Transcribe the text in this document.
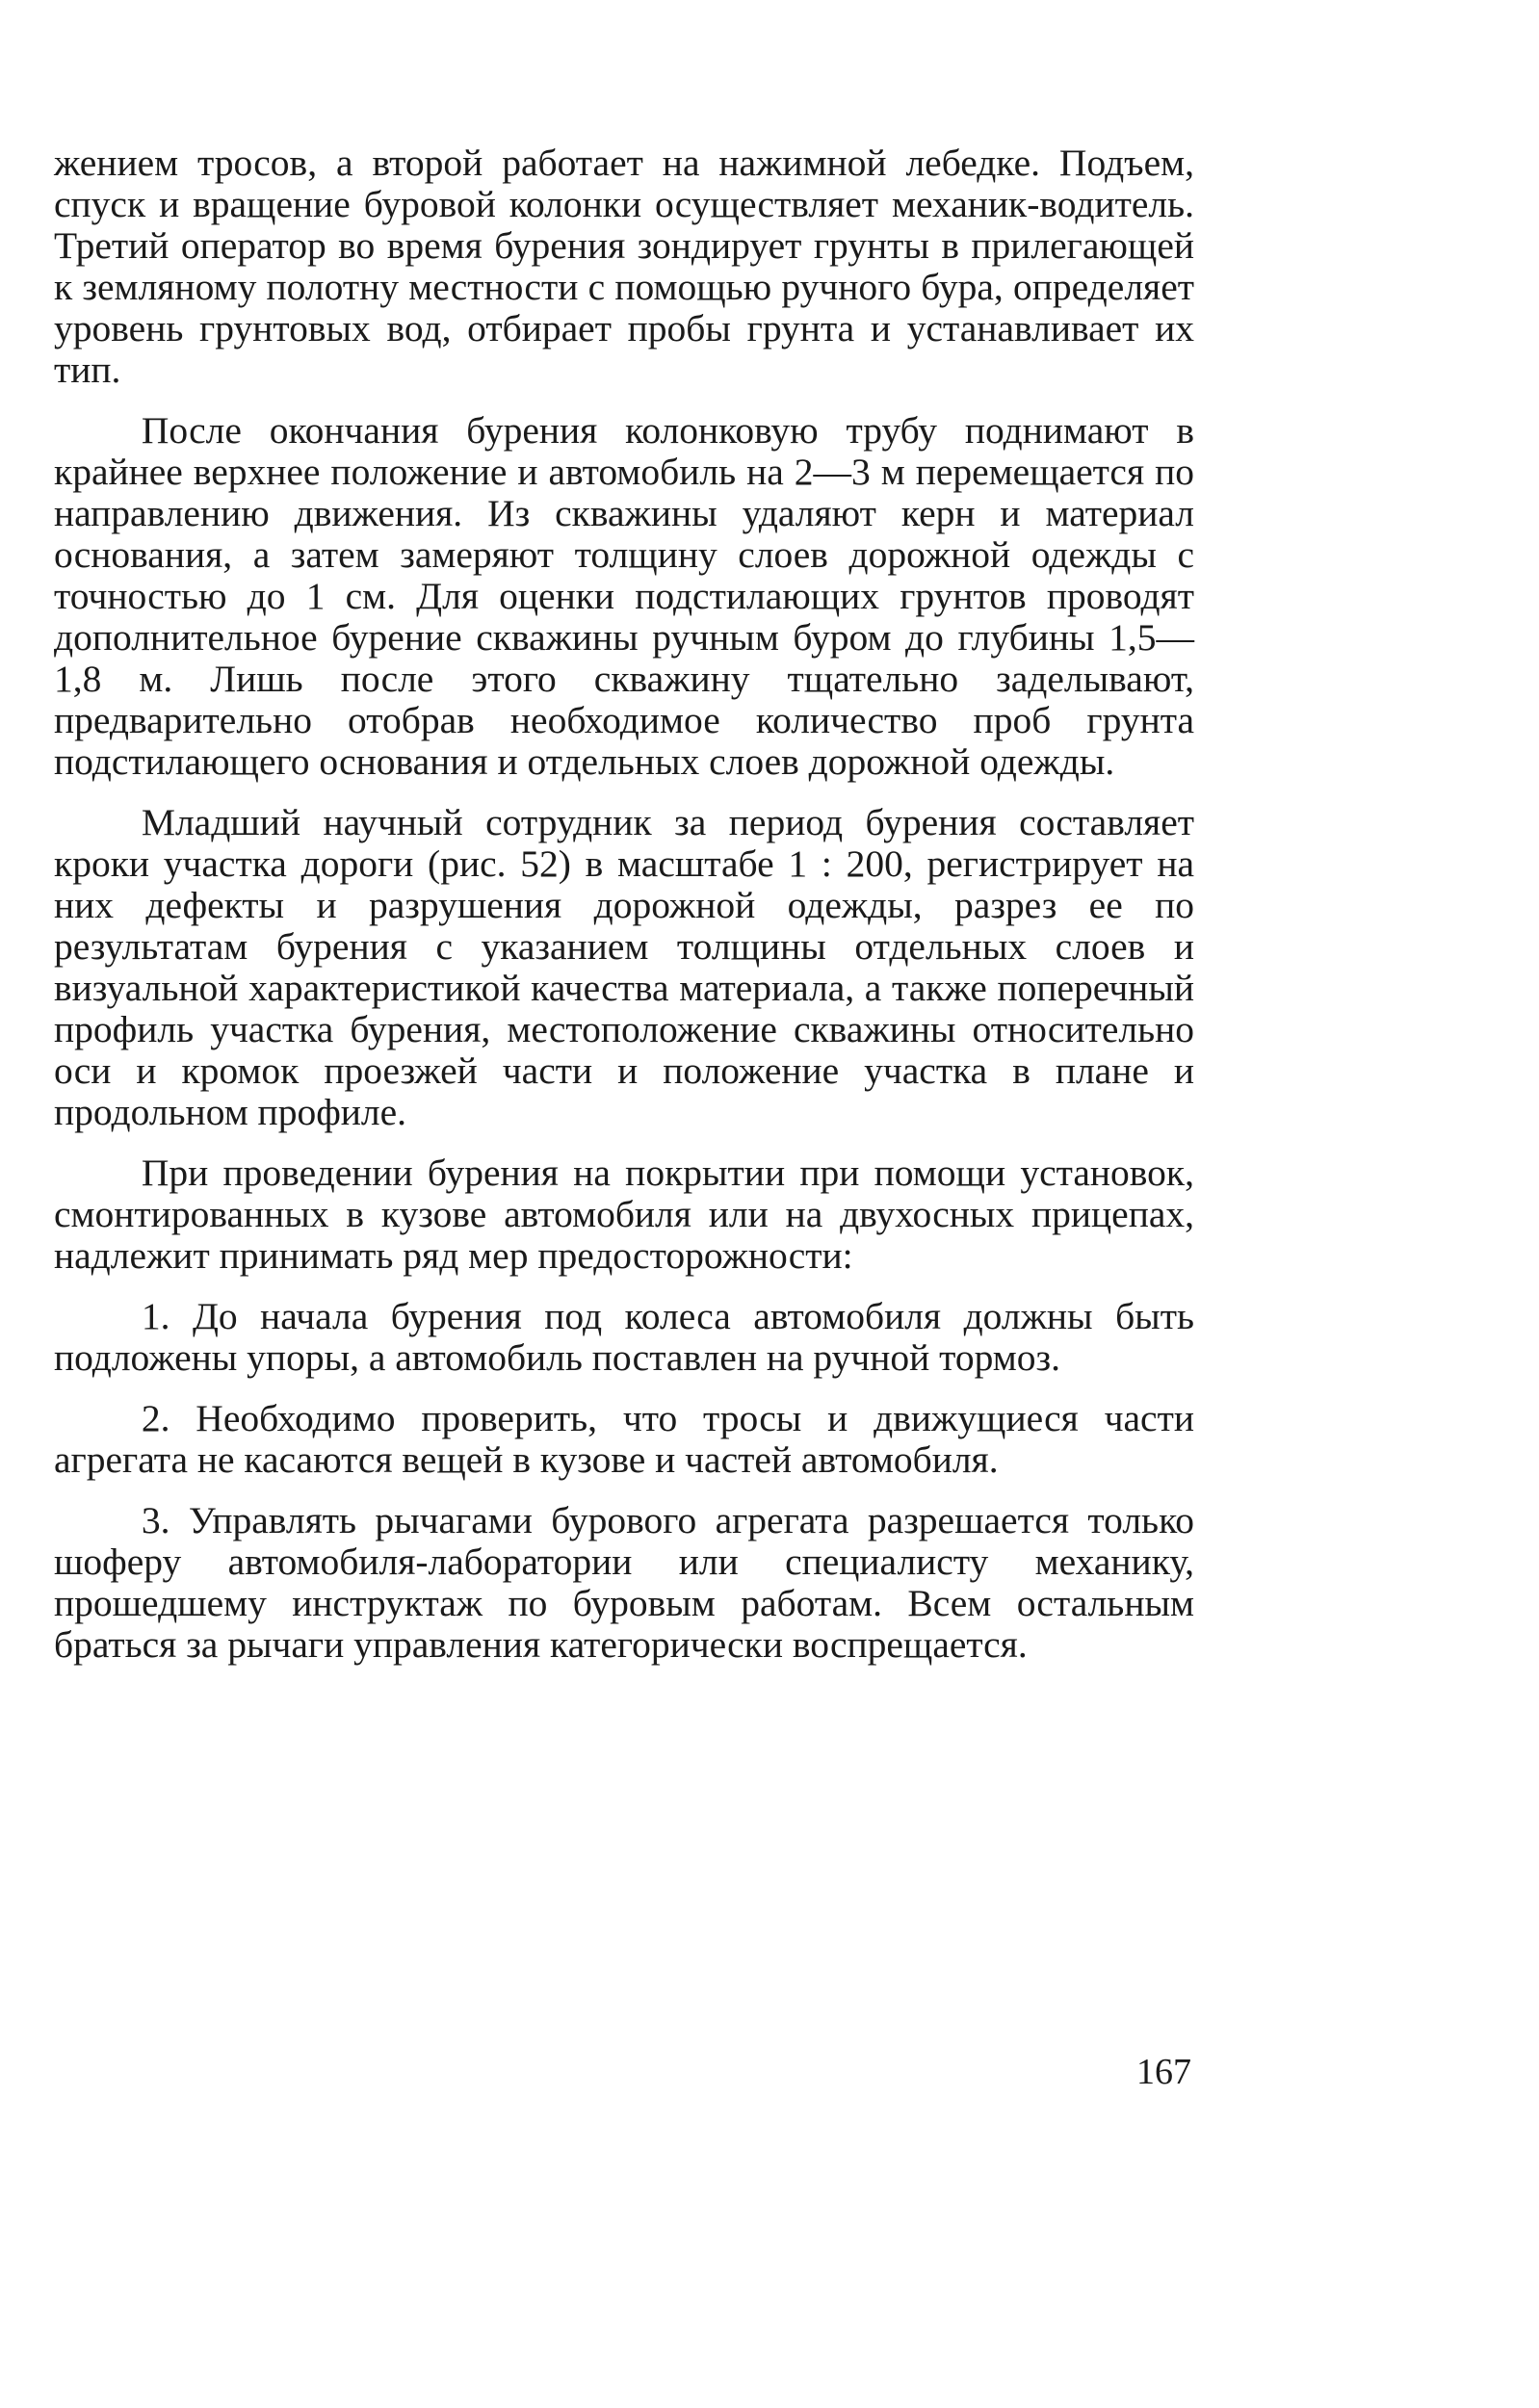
жением тросов, а второй работает на нажимной лебедке. Подъем, спуск и вращение буровой колонки осуществляет механик-водитель. Третий оператор во время бурения зондирует грунты в прилегающей к земляному полотну местности с помощью ручного бура, определяет уровень грунтовых вод, отбирает пробы грунта и устанавливает их тип.

После окончания бурения колонковую трубу поднимают в крайнее верхнее положение и автомобиль на 2—3 м перемещается по направлению движения. Из скважины удаляют керн и материал основания, а затем замеряют толщину слоев дорожной одежды с точностью до 1 см. Для оценки подстилающих грунтов проводят дополнительное бурение скважины ручным буром до глубины 1,5—1,8 м. Лишь после этого скважину тщательно заделывают, предварительно отобрав необходимое количество проб грунта подстилающего основания и отдельных слоев дорожной одежды.

Младший научный сотрудник за период бурения составляет кроки участка дороги (рис. 52) в масштабе 1 : 200, регистрирует на них дефекты и разрушения дорожной одежды, разрез ее по результатам бурения с указанием толщины отдельных слоев и визуальной характеристикой качества материала, а также поперечный профиль участка бурения, местоположение скважины относительно оси и кромок проезжей части и положение участка в плане и продольном профиле.

При проведении бурения на покрытии при помощи установок, смонтированных в кузове автомобиля или на двухосных прицепах, надлежит принимать ряд мер предосторожности:

1. До начала бурения под колеса автомобиля должны быть подложены упоры, а автомобиль поставлен на ручной тормоз.

2. Необходимо проверить, что тросы и движущиеся части агрегата не касаются вещей в кузове и частей автомобиля.

3. Управлять рычагами бурового агрегата разрешается только шоферу автомобиля-лаборатории или специалисту механику, прошедшему инструктаж по буровым работам. Всем остальным браться за рычаги управления категорически воспрещается.

167
